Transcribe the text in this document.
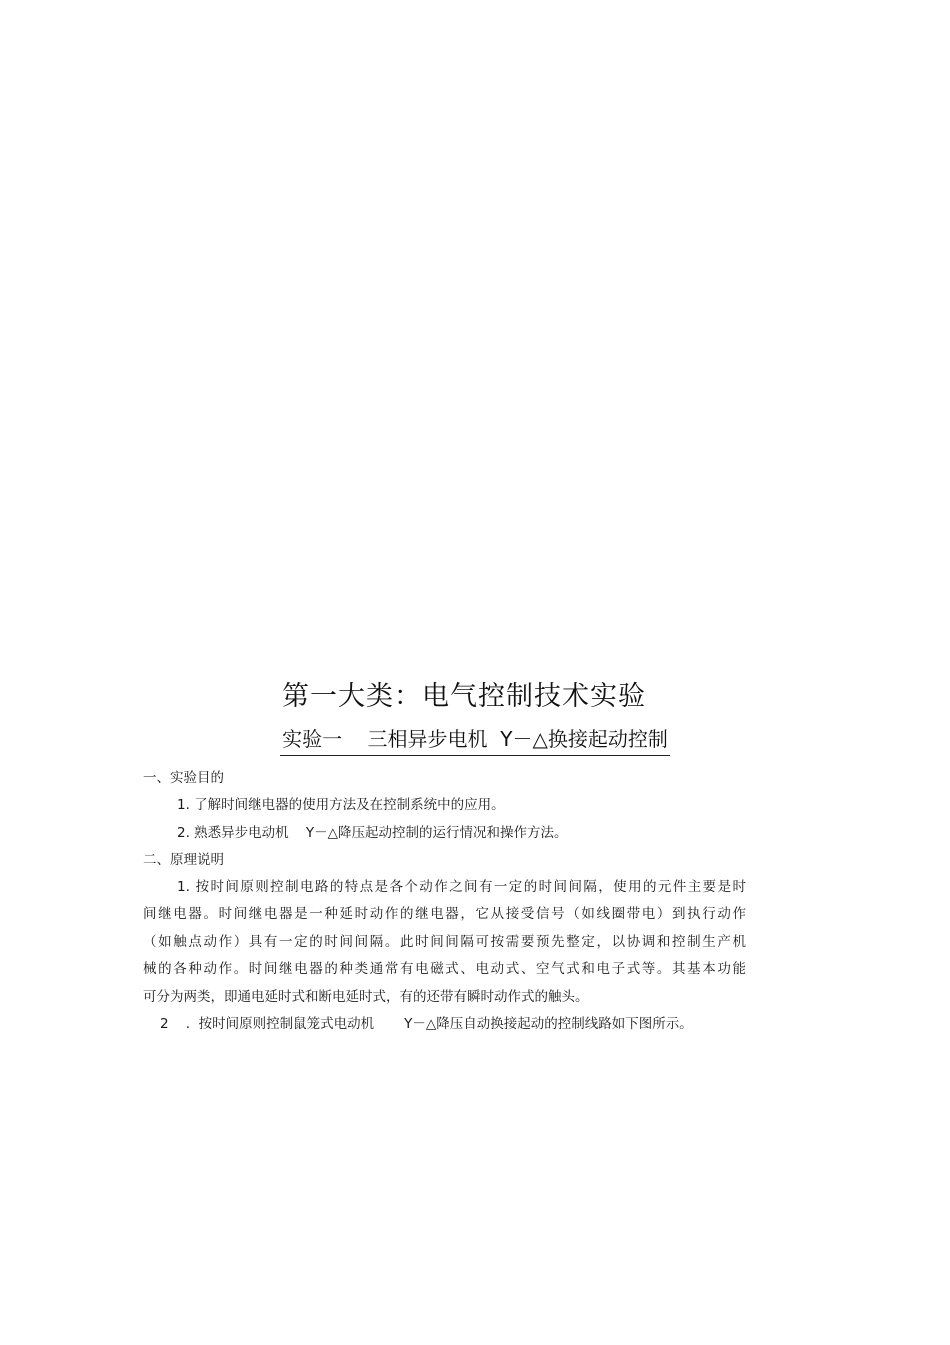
第一大类：电气控制技术实验
实验一    三相异步电机  Y－△换接起动控制
一、实验目的
1. 了解时间继电器的使用方法及在控制系统中的应用。
2. 熟悉异步电动机    Y－△降压起动控制的运行情况和操作方法。
二、原理说明
1. 按时间原则控制电路的特点是各个动作之间有一定的时间间隔，使用的元件主要是时
间继电器。时间继电器是一种延时动作的继电器，它从接受信号（如线圈带电）到执行动作
（如触点动作）具有一定的时间间隔。此时间间隔可按需要预先整定，以协调和控制生产机
械的各种动作。时间继电器的种类通常有电磁式、电动式、空气式和电子式等。其基本功能
可分为两类，即通电延时式和断电延时式，有的还带有瞬时动作式的触头。
2    .  按时间原则控制鼠笼式电动机       Y－△降压自动换接起动的控制线路如下图所示。
